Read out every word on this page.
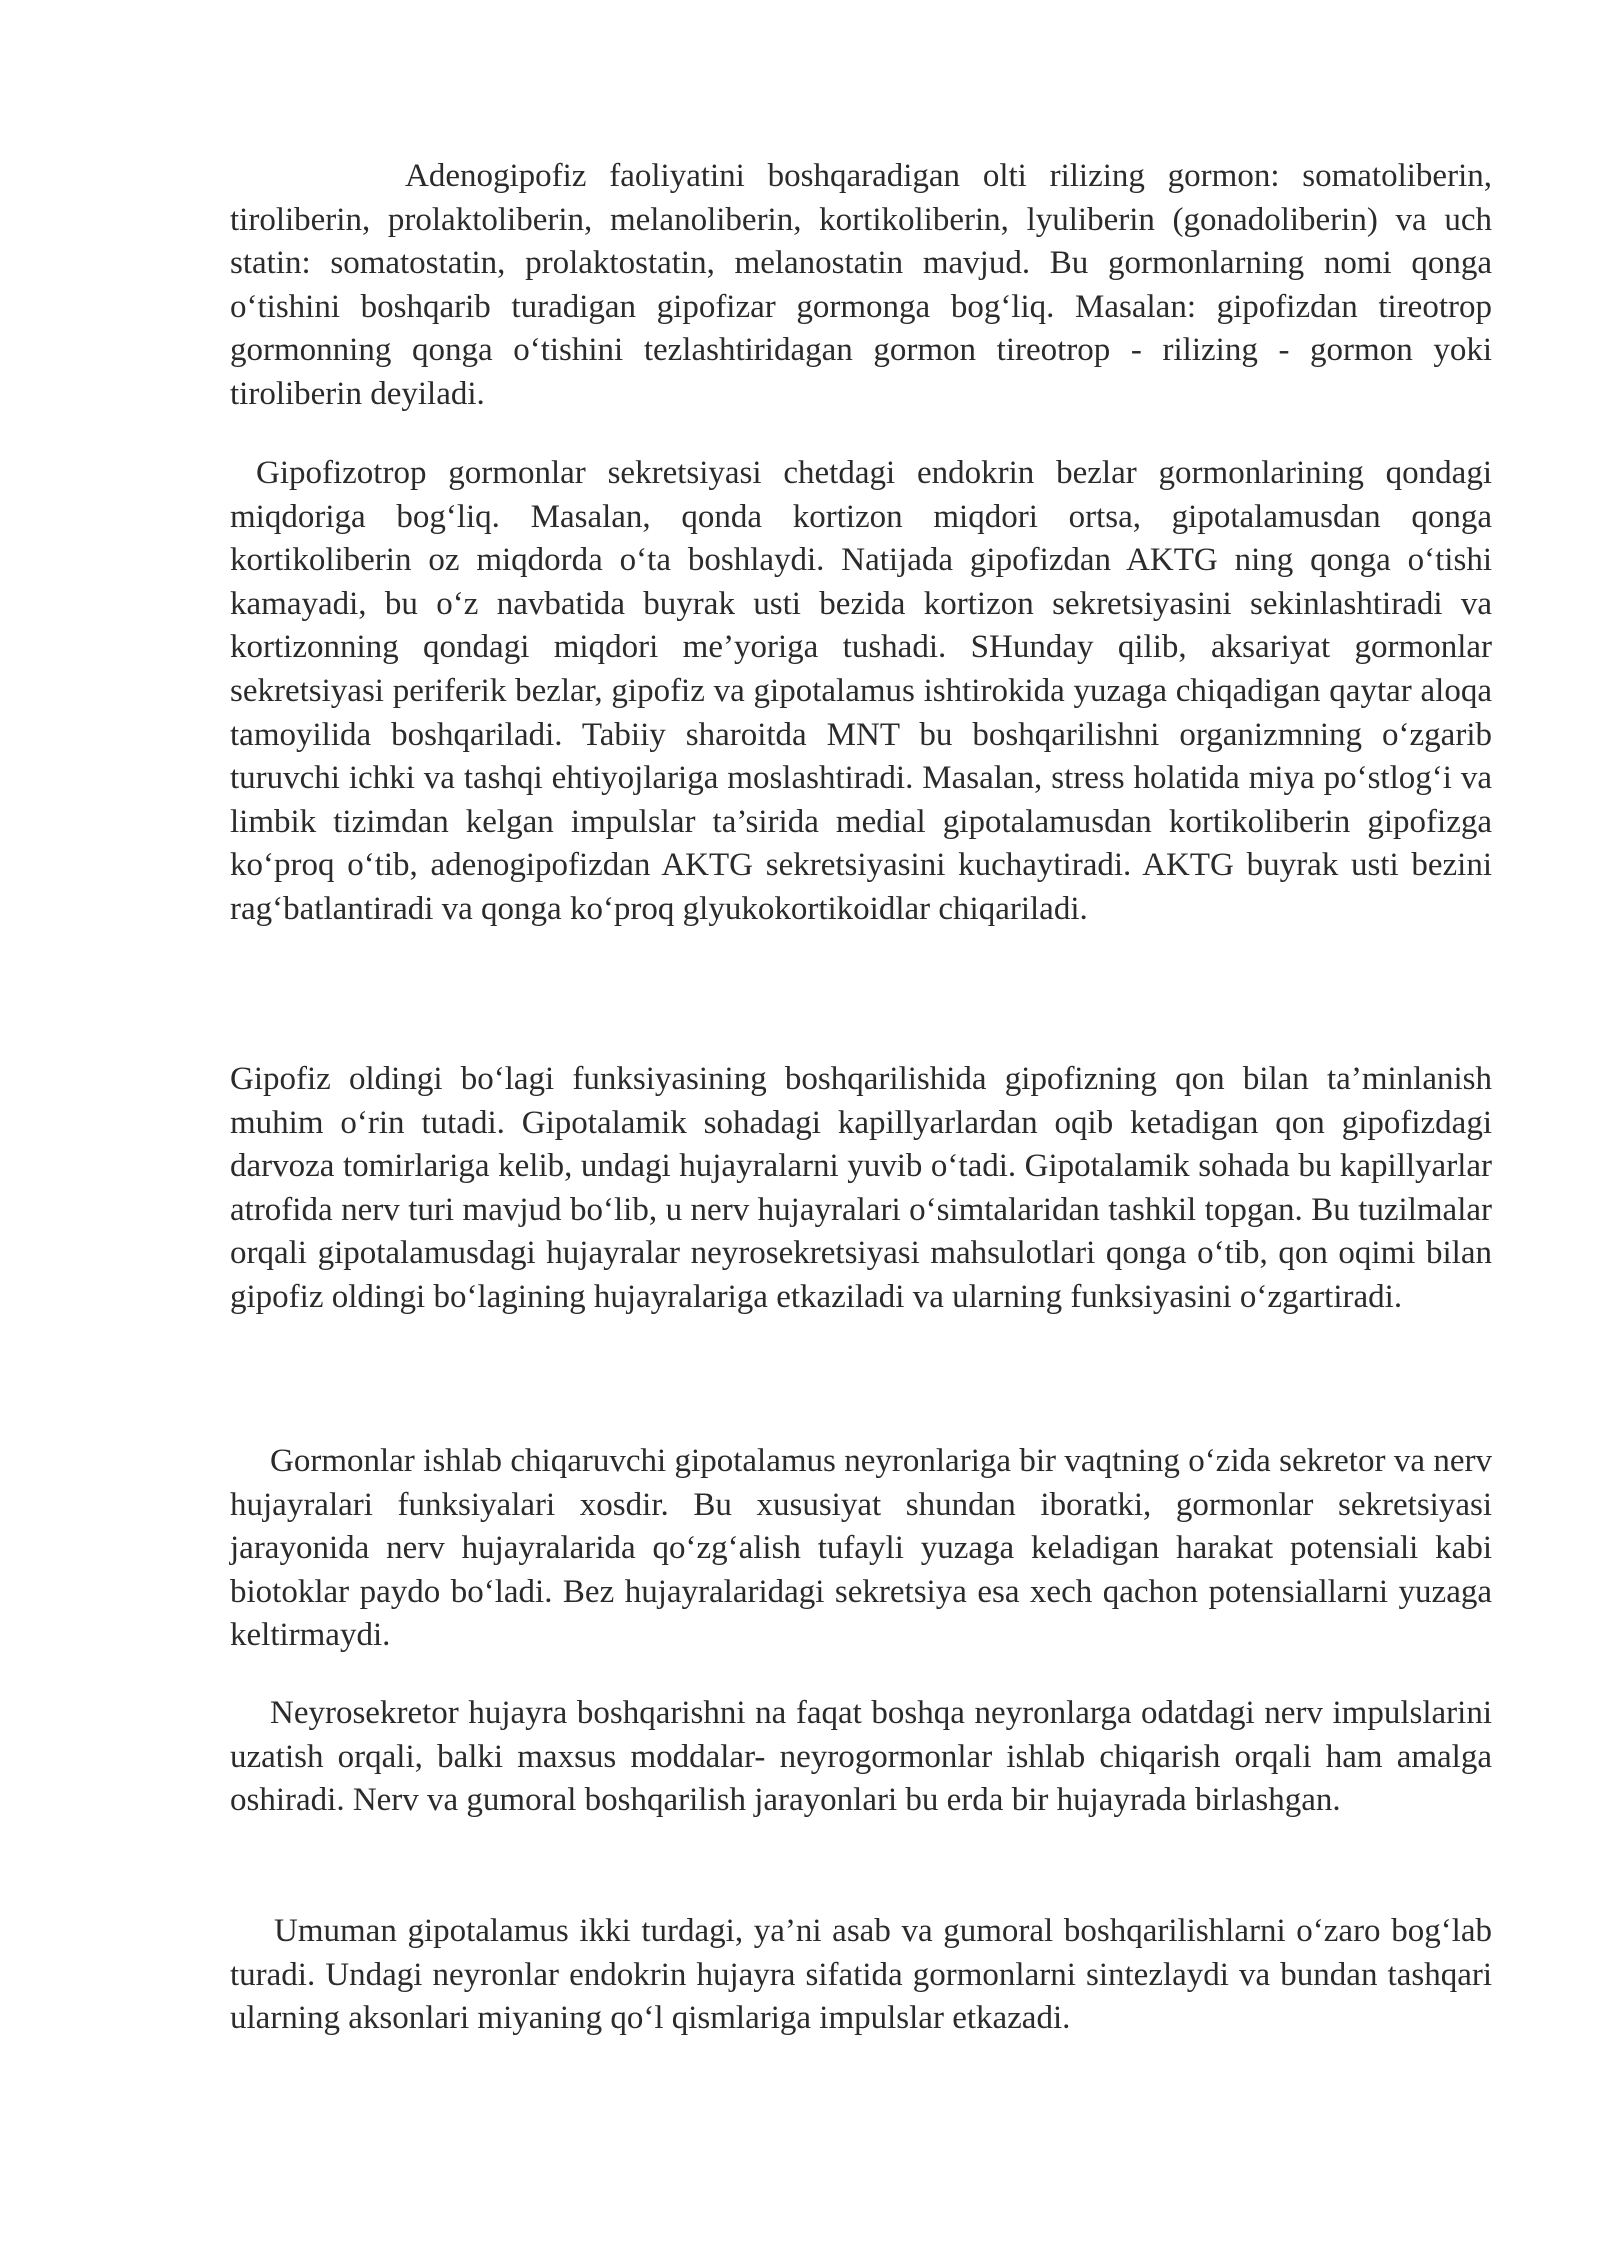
Adenogipofiz faoliyatini boshqaradigan olti rilizing gormon: somatoliberin, tiroliberin, prolaktoliberin, melanoliberin, kortikoliberin, lyuliberin (gonadoliberin) va uch statin: somatostatin, prolaktostatin, melanostatin mavjud. Bu gormonlarning nomi qonga o‘tishini boshqarib turadigan gipofizar gormonga bog‘liq. Masalan: gipofizdan tireotrop gormonning qonga o‘tishini tezlashtiridagan gormon tireotrop - rilizing - gormon yoki tiroliberin deyiladi.

Gipofizotrop gormonlar sekretsiyasi chetdagi endokrin bezlar gormonlarining qondagi miqdoriga bog‘liq. Masalan, qonda kortizon miqdori ortsa, gipotalamusdan qonga kortikoliberin oz miqdorda o‘ta boshlaydi. Natijada gipofizdan AKTG ning qonga o‘tishi kamayadi, bu o‘z navbatida buyrak usti bezida kortizon sekretsiyasini sekinlashtiradi va kortizonning qondagi miqdori me’yoriga tushadi. SHunday qilib, aksariyat gormonlar sekretsiyasi periferik bezlar, gipofiz va gipotalamus ishtirokida yuzaga chiqadigan qaytar aloqa tamoyilida boshqariladi. Tabiiy sharoitda MNT bu boshqarilishni organizmning o‘zgarib turuvchi ichki va tashqi ehtiyojlariga moslashtiradi. Masalan, stress holatida miya po‘stlog‘i va limbik tizimdan kelgan impulslar ta’sirida medial gipotalamusdan kortikoliberin gipofizga ko‘proq o‘tib, adenogipofizdan AKTG sekretsiyasini kuchaytiradi. AKTG buyrak usti bezini rag‘batlantiradi va qonga ko‘proq glyukokortikoidlar chiqariladi.

Gipofiz oldingi bo‘lagi funksiyasining boshqarilishida gipofizning qon bilan ta’minlanish muhim o‘rin tutadi. Gipotalamik sohadagi kapillyarlardan oqib ketadigan qon gipofizdagi darvoza tomirlariga kelib, undagi hujayralarni yuvib o‘tadi. Gipotalamik sohada bu kapillyarlar atrofida nerv turi mavjud bo‘lib, u nerv hujayralari o‘simtalaridan tashkil topgan. Bu tuzilmalar orqali gipotalamusdagi hujayralar neyrosekretsiyasi mahsulotlari qonga o‘tib, qon oqimi bilan gipofiz oldingi bo‘lagining hujayralariga etkaziladi va ularning funksiyasini o‘zgartiradi.

Gormonlar ishlab chiqaruvchi gipotalamus neyronlariga bir vaqtning o‘zida sekretor va nerv hujayralari funksiyalari xosdir. Bu xususiyat shundan iboratki, gormonlar sekretsiyasi jarayonida nerv hujayralarida qo‘zg‘alish tufayli yuzaga keladigan harakat potensiali kabi biotoklar paydo bo‘ladi. Bez hujayralaridagi sekretsiya esa xech qachon potensiallarni yuzaga keltirmaydi.

Neyrosekretor hujayra boshqarishni na faqat boshqa neyronlarga odatdagi nerv impulslarini uzatish orqali, balki maxsus moddalar- neyrogormonlar ishlab chiqarish orqali ham amalga oshiradi. Nerv va gumoral boshqarilish jarayonlari bu erda bir hujayrada birlashgan.

Umuman gipotalamus ikki turdagi, ya’ni asab va gumoral boshqarilishlarni o‘zaro bog‘lab turadi. Undagi neyronlar endokrin hujayra sifatida gormonlarni sintezlaydi va bundan tashqari ularning aksonlari miyaning qo‘l qismlariga impulslar etkazadi.
